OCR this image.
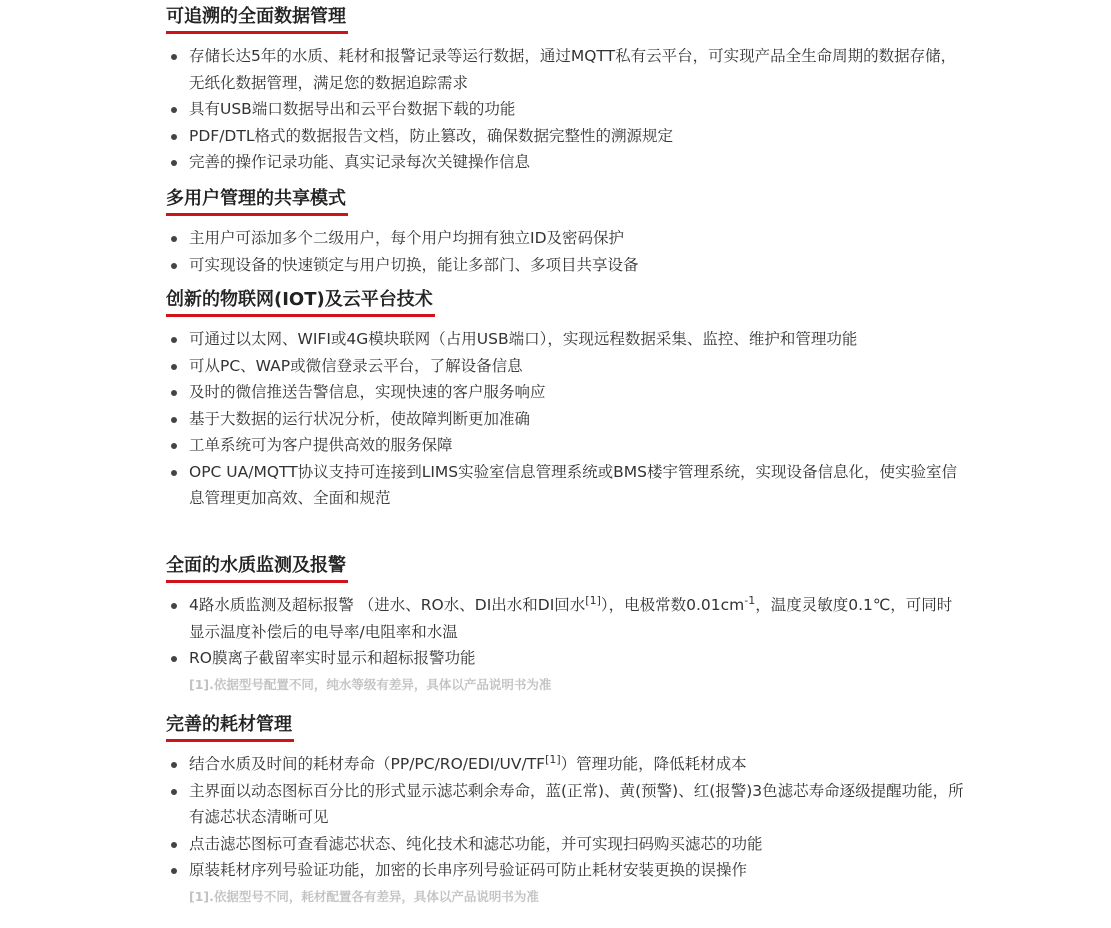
可追溯的全面数据管理
存储长达5年的水质、耗材和报警记录等运行数据，通过MQTT私有云平台，可实现产品全生命周期的数据存储，无纸化数据管理，满足您的数据追踪需求
具有USB端口数据导出和云平台数据下载的功能
PDF/DTL格式的数据报告文档，防止篡改，确保数据完整性的溯源规定
完善的操作记录功能、真实记录每次关键操作信息
多用户管理的共享模式
主用户可添加多个二级用户，每个用户均拥有独立ID及密码保护
可实现设备的快速锁定与用户切换，能让多部门、多项目共享设备
创新的物联网(IOT)及云平台技术
可通过以太网、WIFI或4G模块联网（占用USB端口），实现远程数据采集、监控、维护和管理功能
可从PC、WAP或微信登录云平台，了解设备信息
及时的微信推送告警信息，实现快速的客户服务响应
基于大数据的运行状况分析，使故障判断更加准确
工单系统可为客户提供高效的服务保障
OPC UA/MQTT协议支持可连接到LIMS实验室信息管理系统或BMS楼宇管理系统，实现设备信息化，使实验室信息管理更加高效、全面和规范
全面的水质监测及报警
4路水质监测及超标报警 （进水、RO水、DI出水和DI回水[1]），电极常数$0.01cm^{-1}$，温度灵敏度0.1℃，可同时显示温度补偿后的电导率/电阻率和水温
RO膜离子截留率实时显示和超标报警功能
[1].依据型号配置不同，纯水等级有差异，具体以产品说明书为准
完善的耗材管理
结合水质及时间的耗材寿命（PP/PC/RO/EDI/UV/TF[1]）管理功能，降低耗材成本
主界面以动态图标百分比的形式显示滤芯剩余寿命，蓝(正常)、黄(预警)、红(报警)3色滤芯寿命逐级提醒功能，所有滤芯状态清晰可见
点击滤芯图标可查看滤芯状态、纯化技术和滤芯功能，并可实现扫码购买滤芯的功能
原装耗材序列号验证功能，加密的长串序列号验证码可防止耗材安装更换的误操作
[1].依据型号不同，耗材配置各有差异，具体以产品说明书为准
